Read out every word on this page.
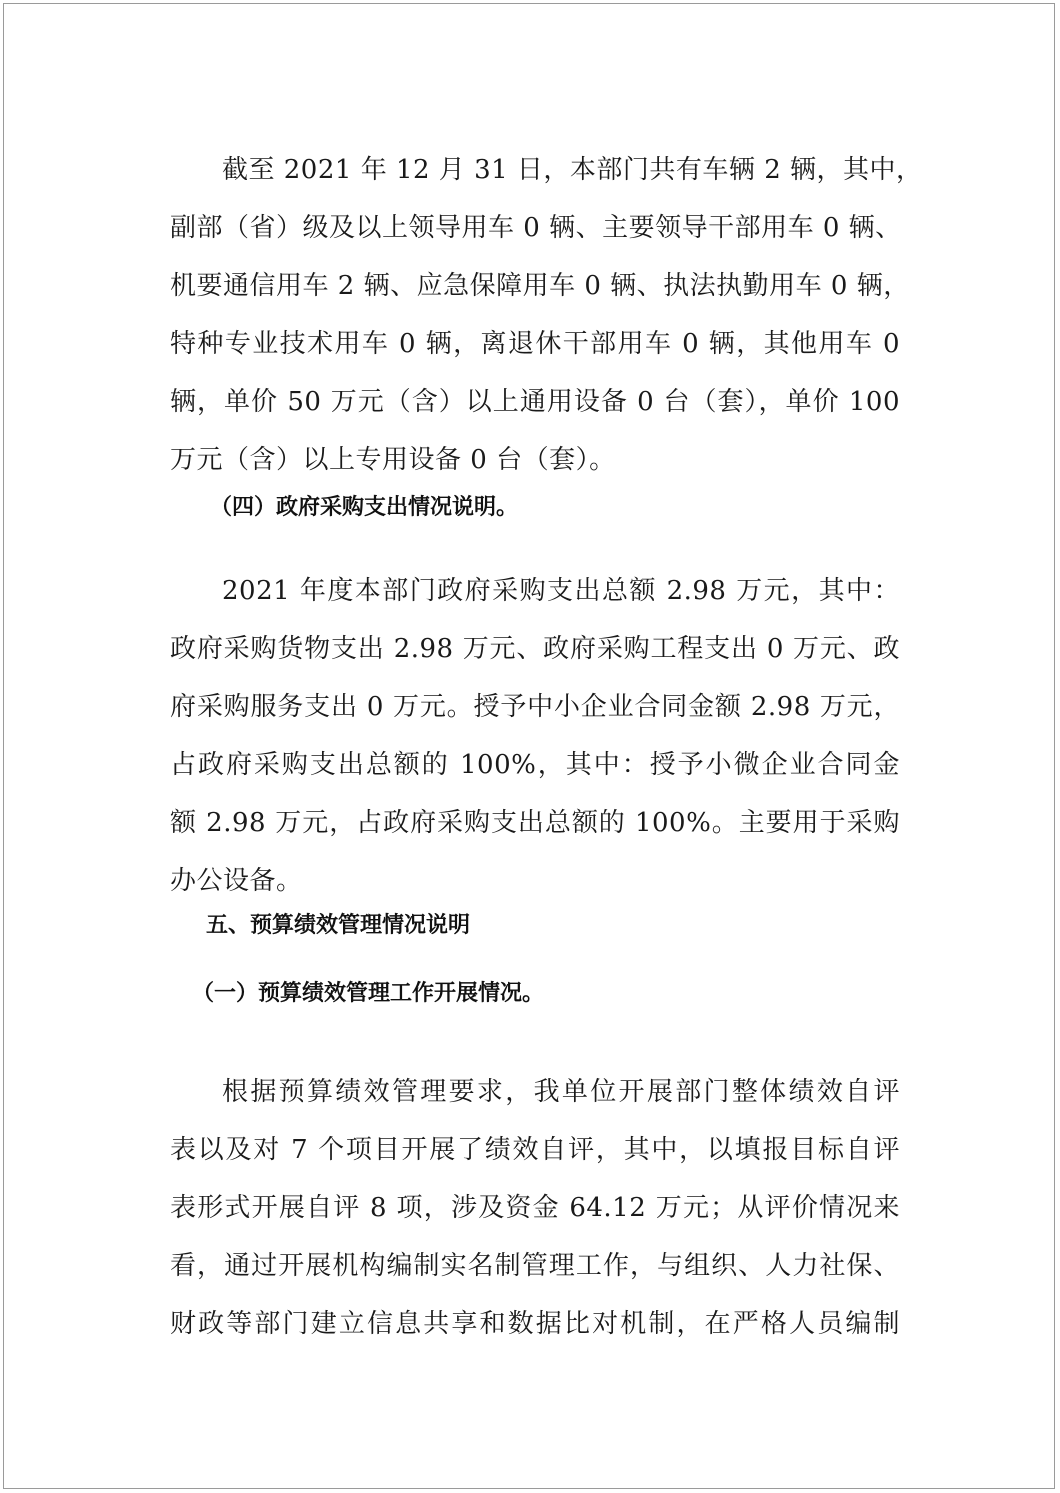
截至 2021 年 12 月 31 日，本部门共有车辆 2 辆，其中，
副部（省）级及以上领导用车 0 辆、主要领导干部用车 0 辆、
机要通信用车 2 辆、应急保障用车 0 辆、执法执勤用车 0 辆，
特种专业技术用车 0 辆，离退休干部用车 0 辆，其他用车 0
辆，单价 50 万元（含）以上通用设备 0 台（套），单价 100
万元（含）以上专用设备 0 台（套）。
（四）政府采购支出情况说明。
2021 年度本部门政府采购支出总额 2.98 万元，其中：
政府采购货物支出 2.98 万元、政府采购工程支出 0 万元、政
府采购服务支出 0 万元。授予中小企业合同金额 2.98 万元，
占政府采购支出总额的 100%，其中：授予小微企业合同金
额 2.98 万元，占政府采购支出总额的 100%。主要用于采购
办公设备。
五、预算绩效管理情况说明
（一）预算绩效管理工作开展情况。
根据预算绩效管理要求，我单位开展部门整体绩效自评
表以及对 7 个项目开展了绩效自评，其中，以填报目标自评
表形式开展自评 8 项，涉及资金 64.12 万元；从评价情况来
看，通过开展机构编制实名制管理工作，与组织、人力社保、
财政等部门建立信息共享和数据比对机制，在严格人员编制
